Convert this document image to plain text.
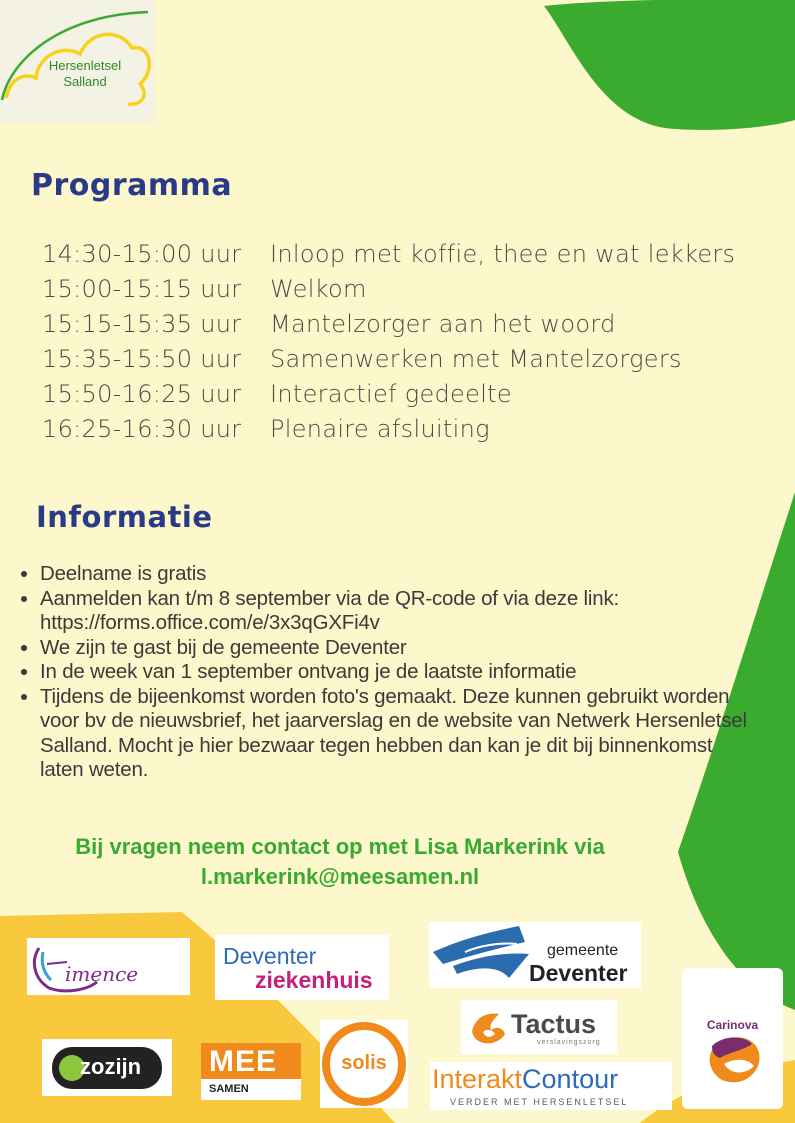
Hersenletsel
Salland
Programma
14:30-15:00 uur	Inloop met koffie, thee en wat lekkers
15:00-15:15 uur	Welkom
15:15-15:35 uur	Mantelzorger aan het woord
15:35-15:50 uur	Samenwerken met Mantelzorgers
15:50-16:25 uur	Interactief gedeelte
16:25-16:30 uur	Plenaire afsluiting
Informatie
• Deelname is gratis
• Aanmelden kan t/m 8 september via de QR-code of via deze link: https://forms.office.com/e/3x3qGXFi4v
• We zijn te gast bij de gemeente Deventer
• In de week van 1 september ontvang je de laatste informatie
• Tijdens de bijeenkomst worden foto's gemaakt. Deze kunnen gebruikt worden voor bv de nieuwsbrief, het jaarverslag en de website van Netwerk Hersenletsel Salland. Mocht je hier bezwaar tegen hebben dan kan je dit bij binnenkomst laten weten.
Bij vragen neem contact op met Lisa Markerink via
l.markerink@meesamen.nl
imence
Deventer
ziekenhuis
gemeente
Deventer
Tactus
verslavingszorg
Carinova
zozijn MEE
SAMEN
solis
InteraktContour
VERDER MET HERSENLETSEL
